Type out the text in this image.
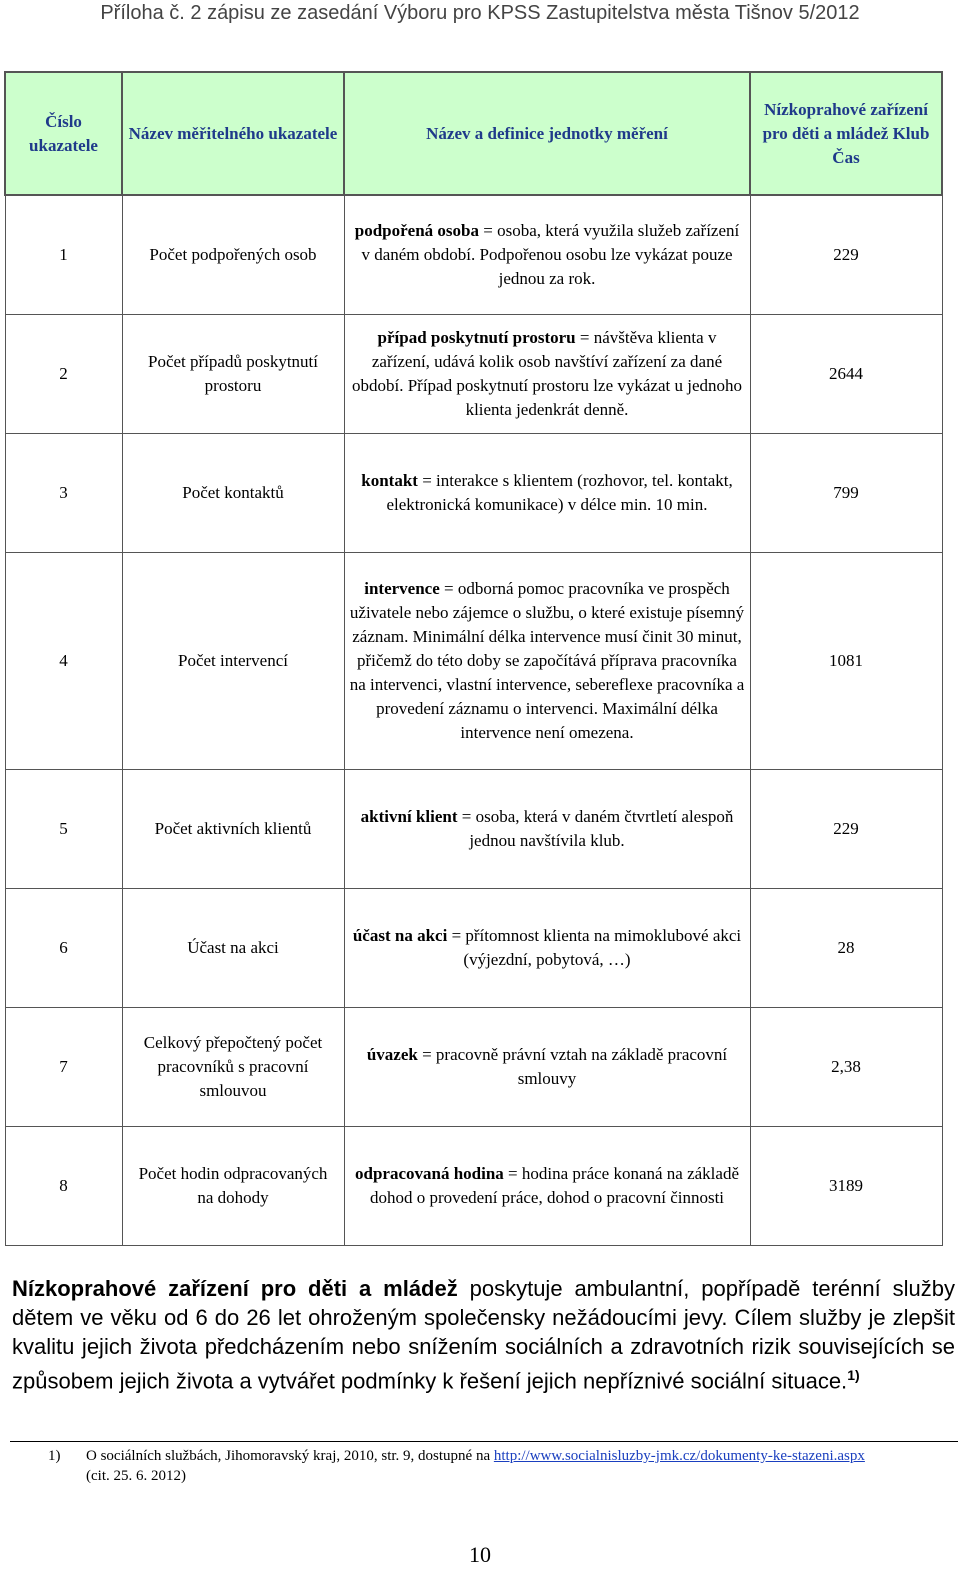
Příloha č. 2 zápisu ze zasedání Výboru pro KPSS Zastupitelstva města Tišnov 5/2012
Číslo ukazatele	Název měřitelného ukazatele	Název a definice jednotky měření	Nízkoprahové zařízení pro děti a mládež Klub Čas
1	Počet podpořených osob	podpořená osoba = osoba, která využila služeb zařízení v daném období. Podpořenou osobu lze vykázat pouze jednou za rok.	229
2	Počet případů poskytnutí prostoru	případ poskytnutí prostoru = návštěva klienta v zařízení, udává kolik osob navštíví zařízení za dané období. Případ poskytnutí prostoru lze vykázat u jednoho klienta jedenkrát denně.	2644
3	Počet kontaktů	kontakt = interakce s klientem (rozhovor, tel. kontakt, elektronická komunikace) v délce min. 10 min.	799
4	Počet intervencí	intervence = odborná pomoc pracovníka ve prospěch uživatele nebo zájemce o službu, o které existuje písemný záznam. Minimální délka intervence musí činit 30 minut, přičemž do této doby se započítává příprava pracovníka na intervenci, vlastní intervence, sebereflexe pracovníka a provedení záznamu o intervenci. Maximální délka intervence není omezena.	1081
5	Počet aktivních klientů	aktivní klient = osoba, která v daném čtvrtletí alespoň jednou navštívila klub.	229
6	Účast na akci	účast na akci = přítomnost klienta na mimoklubové akci (výjezdní, pobytová, …)	28
7	Celkový přepočtený počet pracovníků s pracovní smlouvou	úvazek = pracovně právní vztah na základě pracovní smlouvy	2,38
8	Počet hodin odpracovaných na dohody	odpracovaná hodina = hodina práce konaná na základě dohod o provedení práce, dohod o pracovní činnosti	3189
Nízkoprahové zařízení pro děti a mládež poskytuje ambulantní, popřípadě terénní služby dětem ve věku od 6 do 26 let ohroženým společensky nežádoucími jevy. Cílem služby je zlepšit kvalitu jejich života předcházením nebo snížením sociálních a zdravotních rizik souvisejících se způsobem jejich života a vytvářet podmínky k řešení jejich nepříznivé sociální situace.$^{1)}$
1) O sociálních službách, Jihomoravský kraj, 2010, str. 9, dostupné na http://www.socialnisluzby-jmk.cz/dokumenty-ke-stazeni.aspx
(cit. 25. 6. 2012)
10
